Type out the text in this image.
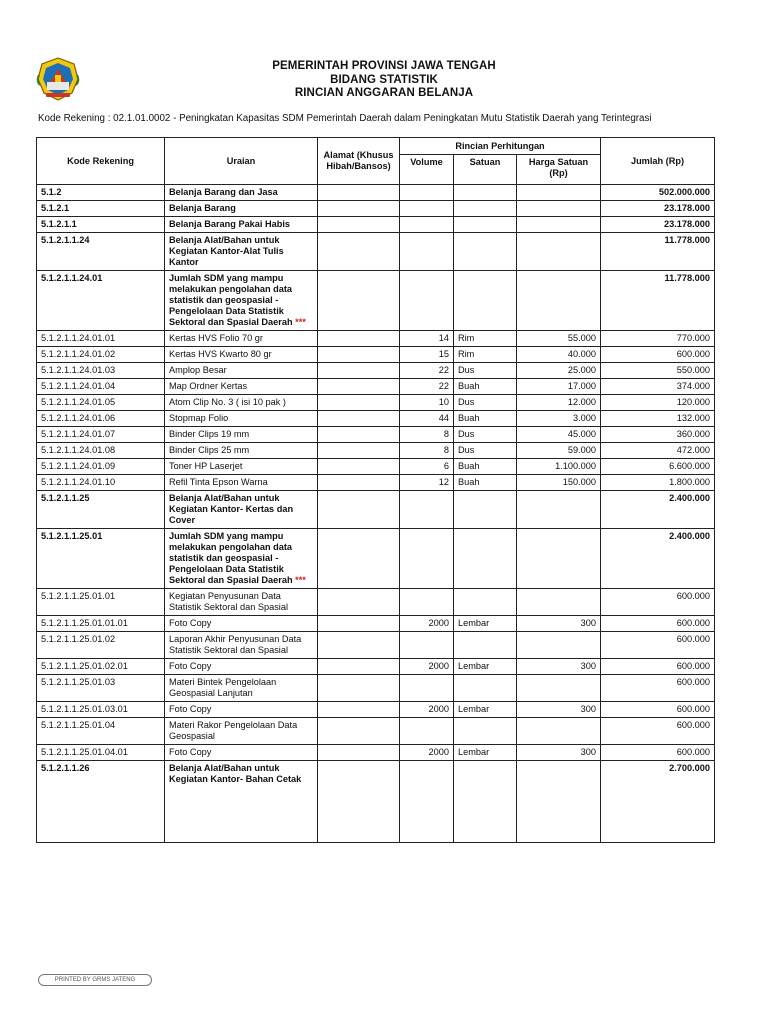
PEMERINTAH PROVINSI JAWA TENGAH
BIDANG STATISTIK
RINCIAN ANGGARAN BELANJA
Kode Rekening : 02.1.01.0002 - Peningkatan Kapasitas SDM Pemerintah Daerah dalam Peningkatan Mutu Statistik Daerah yang Terintegrasi
Kode Rekening	Uraian	Alamat (Khusus Hibah/Bansos)	Rincian Perhitungan			Jumlah (Rp)
			Volume	Satuan	Harga Satuan (Rp)	
5.1.2	Belanja Barang dan Jasa					502.000.000
5.1.2.1	Belanja Barang					23.178.000
5.1.2.1.1	Belanja Barang Pakai Habis					23.178.000
5.1.2.1.1.24	Belanja Alat/Bahan untuk Kegiatan Kantor-Alat Tulis Kantor					11.778.000
5.1.2.1.1.24.01	Jumlah SDM yang mampu melakukan pengolahan data statistik dan geospasial - Pengelolaan Data Statistik Sektoral dan Spasial Daerah ***					11.778.000
5.1.2.1.1.24.01.01	Kertas HVS Folio 70 gr		14	Rim	55.000	770.000
5.1.2.1.1.24.01.02	Kertas HVS Kwarto 80 gr		15	Rim	40.000	600.000
5.1.2.1.1.24.01.03	Amplop Besar		22	Dus	25.000	550.000
5.1.2.1.1.24.01.04	Map Ordner Kertas		22	Buah	17.000	374.000
5.1.2.1.1.24.01.05	Atom Clip No. 3 ( isi 10 pak )		10	Dus	12.000	120.000
5.1.2.1.1.24.01.06	Stopmap Folio		44	Buah	3.000	132.000
5.1.2.1.1.24.01.07	Binder Clips 19 mm		8	Dus	45.000	360.000
5.1.2.1.1.24.01.08	Binder Clips 25 mm		8	Dus	59.000	472.000
5.1.2.1.1.24.01.09	Toner HP Laserjet		6	Buah	1.100.000	6.600.000
5.1.2.1.1.24.01.10	Refil Tinta Epson Warna		12	Buah	150.000	1.800.000
5.1.2.1.1.25	Belanja Alat/Bahan untuk Kegiatan Kantor- Kertas dan Cover					2.400.000
5.1.2.1.1.25.01	Jumlah SDM yang mampu melakukan pengolahan data statistik dan geospasial - Pengelolaan Data Statistik Sektoral dan Spasial Daerah ***					2.400.000
5.1.2.1.1.25.01.01	Kegiatan Penyusunan Data Statistik Sektoral dan Spasial					600.000
5.1.2.1.1.25.01.01.01	Foto Copy		2000	Lembar	300	600.000
5.1.2.1.1.25.01.02	Laporan Akhir Penyusunan Data Statistik Sektoral dan Spasial					600.000
5.1.2.1.1.25.01.02.01	Foto Copy		2000	Lembar	300	600.000
5.1.2.1.1.25.01.03	Materi Bintek Pengelolaan Geospasial Lanjutan					600.000
5.1.2.1.1.25.01.03.01	Foto Copy		2000	Lembar	300	600.000
5.1.2.1.1.25.01.04	Materi Rakor Pengelolaan Data Geospasial					600.000
5.1.2.1.1.25.01.04.01	Foto Copy		2000	Lembar	300	600.000
5.1.2.1.1.26	Belanja Alat/Bahan untuk Kegiatan Kantor- Bahan Cetak					2.700.000
PRINTED BY GRMS JATENG
